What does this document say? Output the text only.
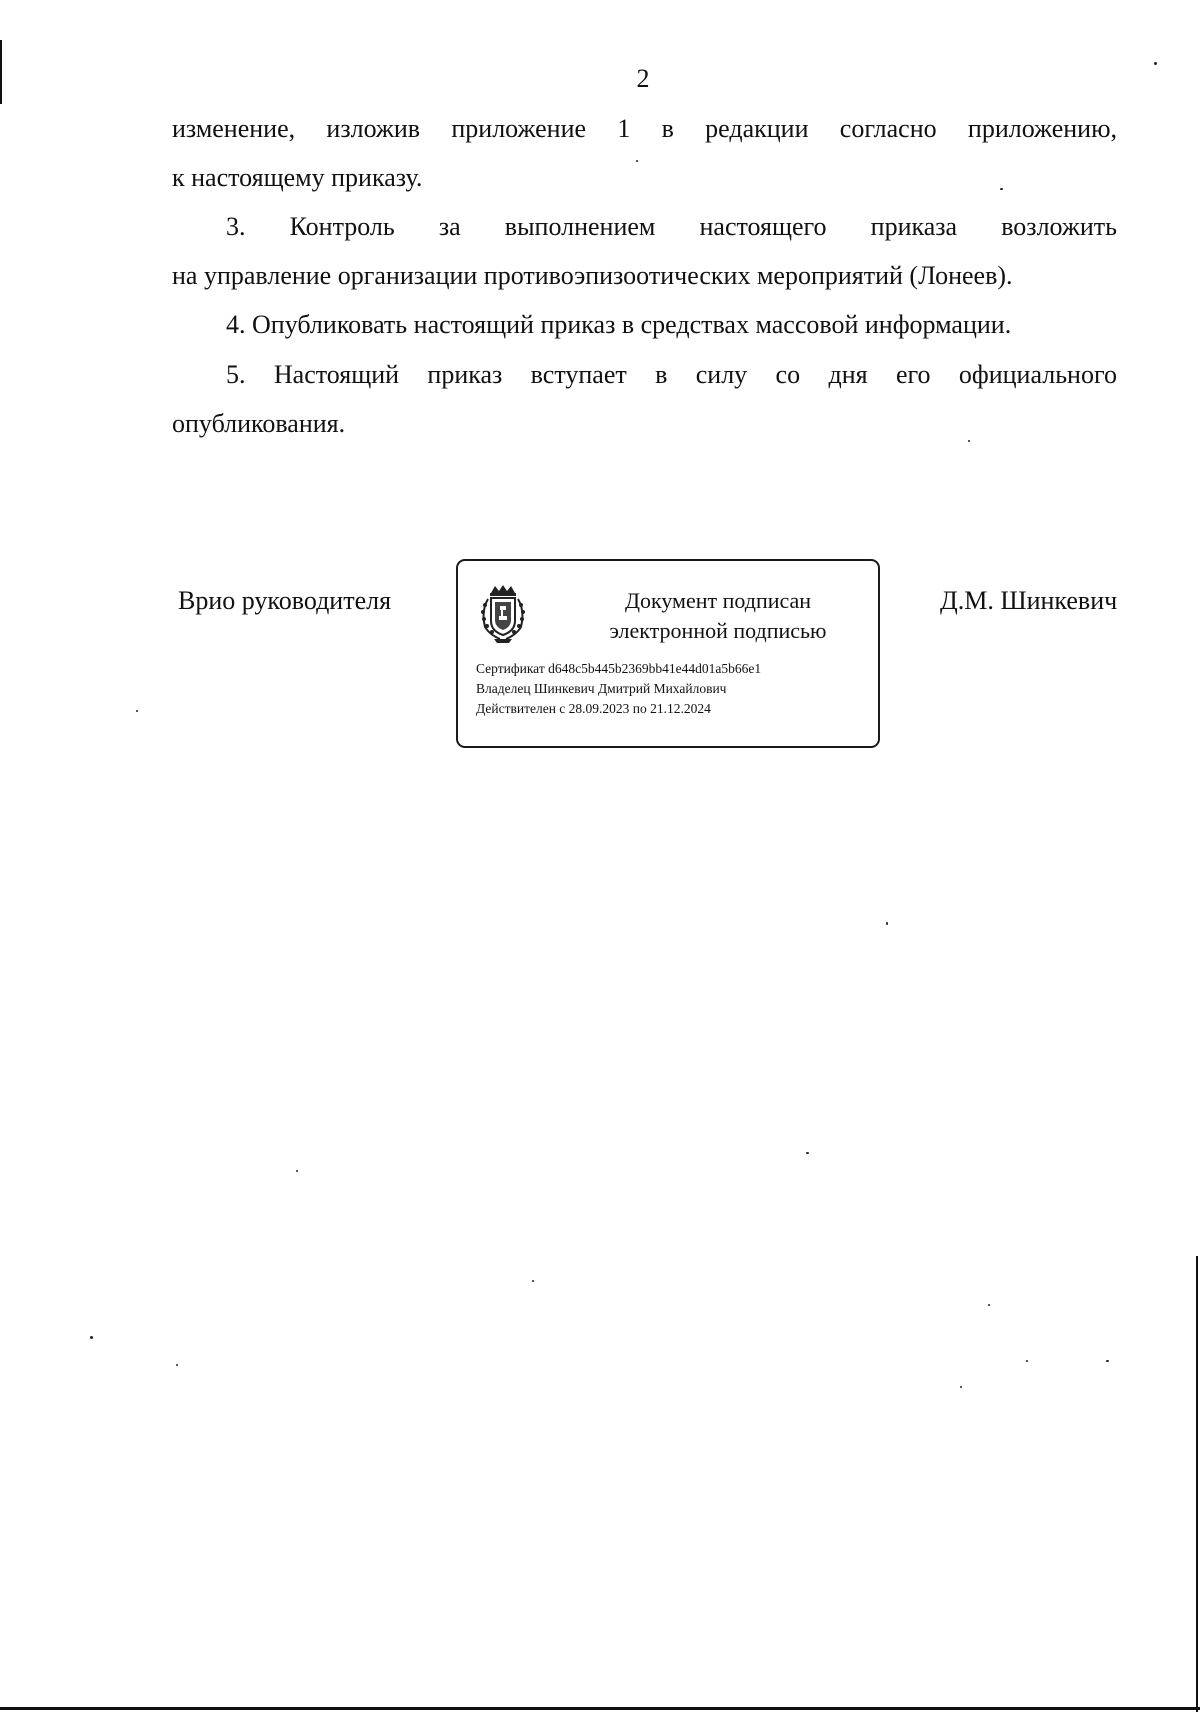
2
изменение, изложив приложение 1 в редакции согласно приложению,
к настоящему приказу.
3. Контроль за выполнением настоящего приказа возложить
на управление организации противоэпизоотических мероприятий (Лонеев).
4. Опубликовать настоящий приказ в средствах массовой информации.
5. Настоящий приказ вступает в силу со дня его официального
опубликования.
Врио руководителя	Документ подписан
электронной подписью
Сертификат d648c5b445b2369bb41e44d01a5b66e1
Владелец Шинкевич Дмитрий Михайлович
Действителен с 28.09.2023 по 21.12.2024
Д.М. Шинкевич
